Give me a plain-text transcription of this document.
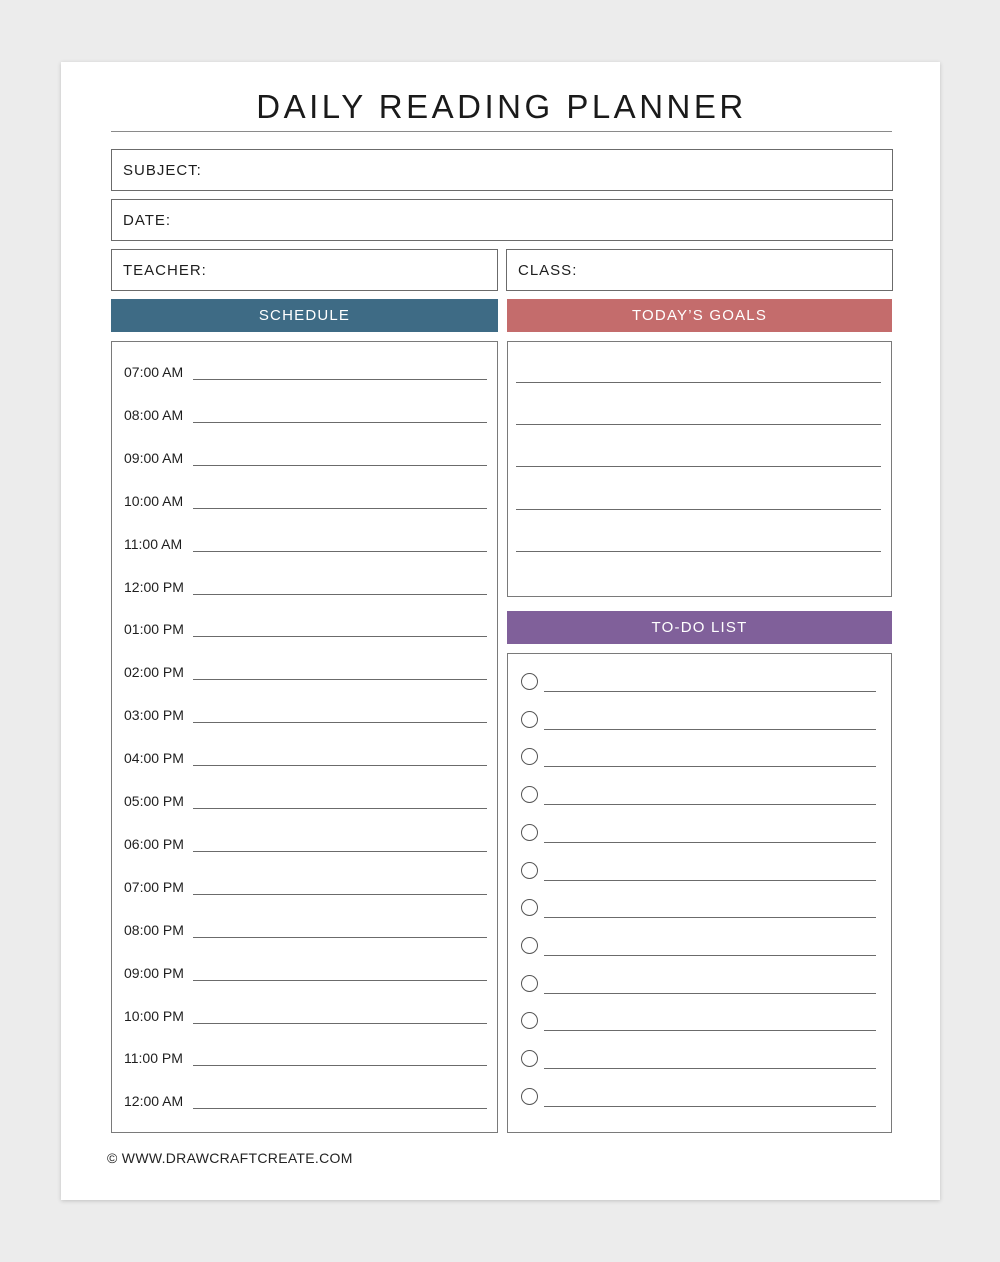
DAILY READING PLANNER
SUBJECT:
DATE:
TEACHER:	CLASS:
SCHEDULE	TODAY’S GOALS
TO-DO LIST
07:00 AM
08:00 AM
09:00 AM
10:00 AM
11:00 AM
12:00 PM
01:00 PM
02:00 PM
03:00 PM
04:00 PM
05:00 PM
06:00 PM
07:00 PM
08:00 PM
09:00 PM
10:00 PM
11:00 PM
12:00 AM
© WWW.DRAWCRAFTCREATE.COM
